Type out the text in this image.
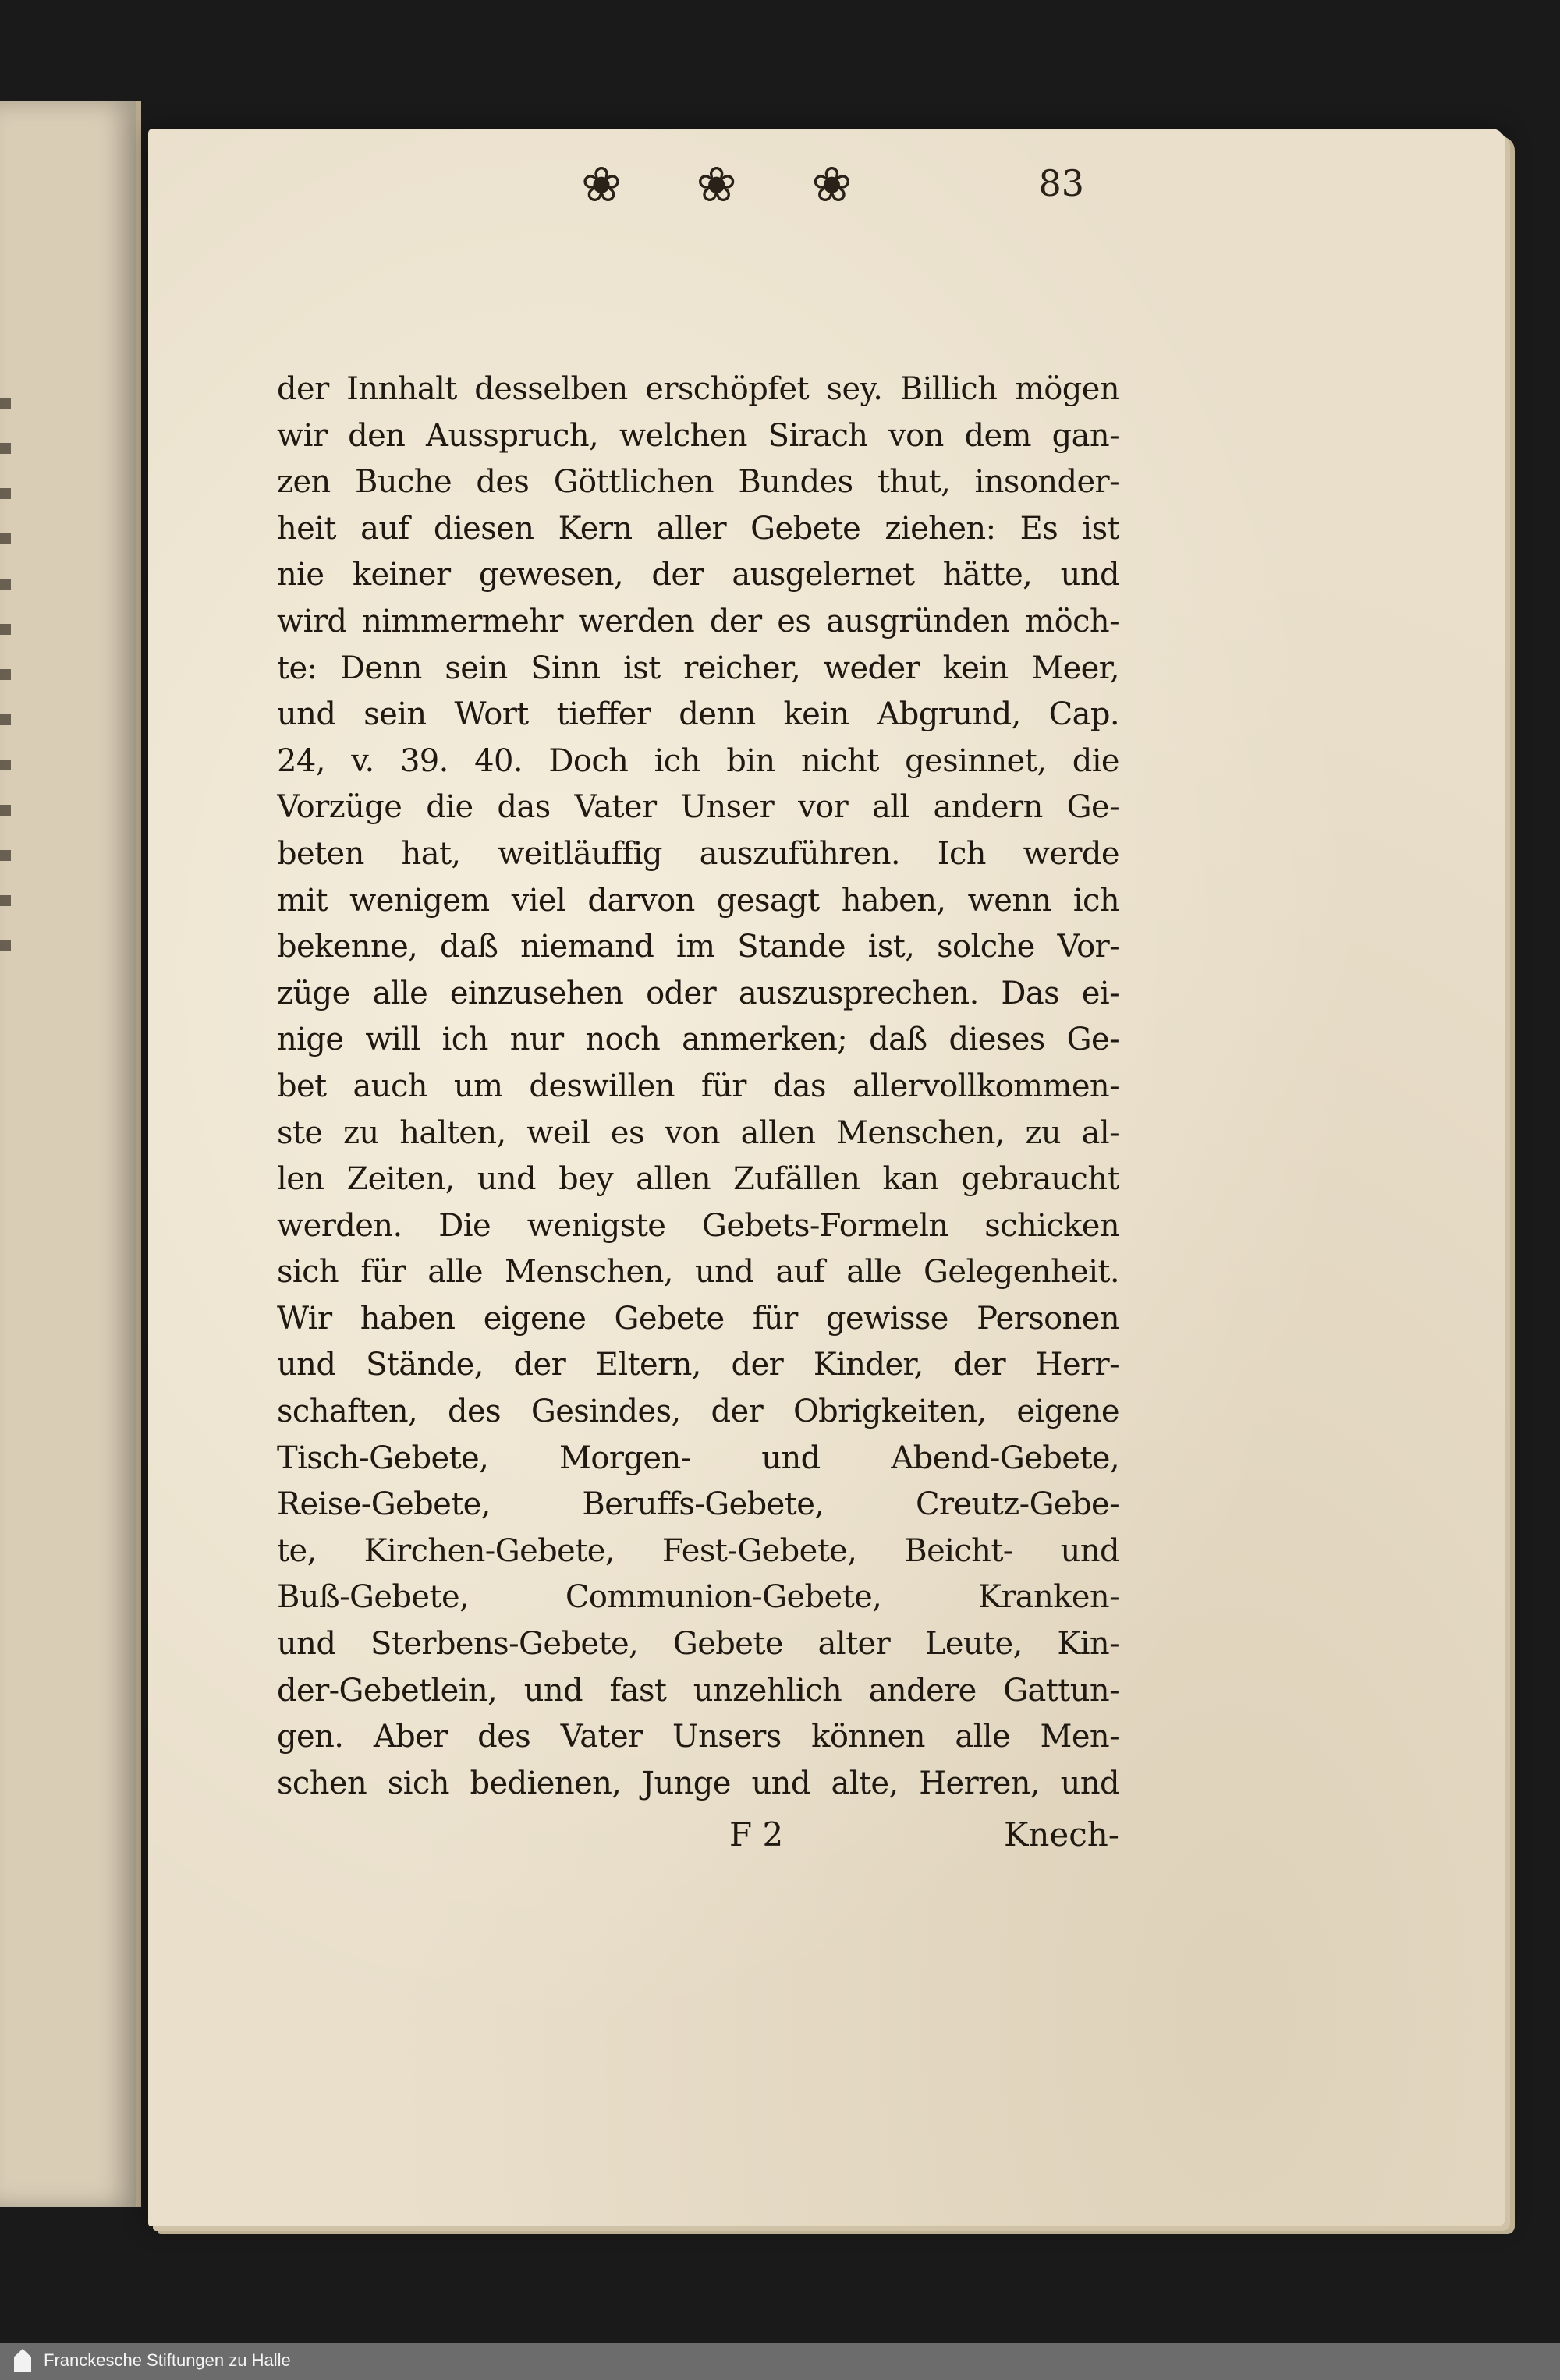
❀ ❀ ❀	83
der Innhalt desselben erschöpfet sey. Billich mögen
wir den Ausspruch, welchen Sirach von dem gan-
zen Buche des Göttlichen Bundes thut, insonder-
heit auf diesen Kern aller Gebete ziehen: Es ist
nie keiner gewesen, der ausgelernet hätte, und
wird nimmermehr werden der es ausgründen möch-
te: Denn sein Sinn ist reicher, weder kein Meer,
und sein Wort tieffer denn kein Abgrund, Cap.
24, v. 39. 40. Doch ich bin nicht gesinnet, die
Vorzüge die das Vater Unser vor all andern Ge-
beten hat, weitläuffig auszuführen. Ich werde
mit wenigem viel darvon gesagt haben, wenn ich
bekenne, daß niemand im Stande ist, solche Vor-
züge alle einzusehen oder auszusprechen. Das ei-
nige will ich nur noch anmerken; daß dieses Ge-
bet auch um deswillen für das allervollkommen-
ste zu halten, weil es von allen Menschen, zu al-
len Zeiten, und bey allen Zufällen kan gebraucht
werden. Die wenigste Gebets-Formeln schicken
sich für alle Menschen, und auf alle Gelegenheit.
Wir haben eigene Gebete für gewisse Personen
und Stände, der Eltern, der Kinder, der Herr-
schaften, des Gesindes, der Obrigkeiten, eigene
Tisch-Gebete, Morgen- und Abend-Gebete,
Reise-Gebete, Beruffs-Gebete, Creutz-Gebe-
te, Kirchen-Gebete, Fest-Gebete, Beicht- und
Buß-Gebete, Communion-Gebete, Kranken-
und Sterbens-Gebete, Gebete alter Leute, Kin-
der-Gebetlein, und fast unzehlich andere Gattun-
gen. Aber des Vater Unsers können alle Men-
schen sich bedienen, Junge und alte, Herren, und
F 2	Knech-
Franckesche Stiftungen zu Halle
